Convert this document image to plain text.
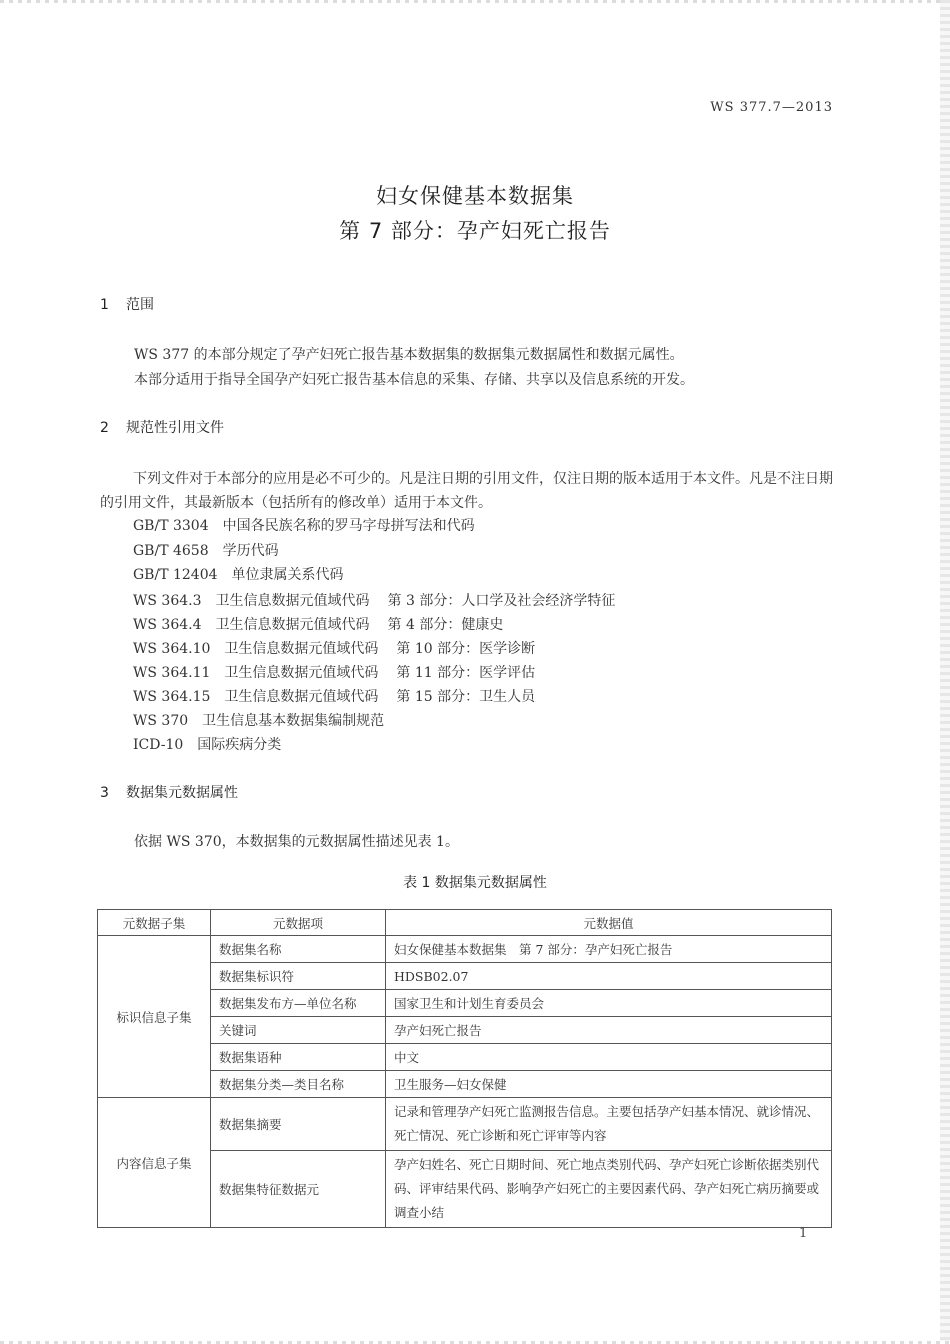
WS 377.7—2013
妇女保健基本数据集
第 7 部分：孕产妇死亡报告
1 范围
WS 377 的本部分规定了孕产妇死亡报告基本数据集的数据集元数据属性和数据元属性。
本部分适用于指导全国孕产妇死亡报告基本信息的采集、存储、共享以及信息系统的开发。
2 规范性引用文件
下列文件对于本部分的应用是必不可少的。凡是注日期的引用文件，仅注日期的版本适用于本文件。凡是不注日期的引用文件，其最新版本（包括所有的修改单）适用于本文件。
GB/T 3304 中国各民族名称的罗马字母拼写法和代码
GB/T 4658 学历代码
GB/T 12404 单位隶属关系代码
WS 364.3 卫生信息数据元值域代码 第 3 部分：人口学及社会经济学特征
WS 364.4 卫生信息数据元值域代码 第 4 部分：健康史
WS 364.10 卫生信息数据元值域代码 第 10 部分：医学诊断
WS 364.11 卫生信息数据元值域代码 第 11 部分：医学评估
WS 364.15 卫生信息数据元值域代码 第 15 部分：卫生人员
WS 370 卫生信息基本数据集编制规范
ICD-10 国际疾病分类
3 数据集元数据属性
依据 WS 370，本数据集的元数据属性描述见表 1。
表 1 数据集元数据属性
元数据子集	元数据项	元数据值
标识信息子集	数据集名称	妇女保健基本数据集　第 7 部分：孕产妇死亡报告
	数据集标识符	HDSB02.07
	数据集发布方—单位名称	国家卫生和计划生育委员会
	关键词	孕产妇死亡报告
	数据集语种	中文
	数据集分类—类目名称	卫生服务—妇女保健
内容信息子集	数据集摘要	记录和管理孕产妇死亡监测报告信息。主要包括孕产妇基本情况、就诊情况、死亡情况、死亡诊断和死亡评审等内容
	数据集特征数据元	孕产妇姓名、死亡日期时间、死亡地点类别代码、孕产妇死亡诊断依据类别代码、评审结果代码、影响孕产妇死亡的主要因素代码、孕产妇死亡病历摘要或调查小结
1
